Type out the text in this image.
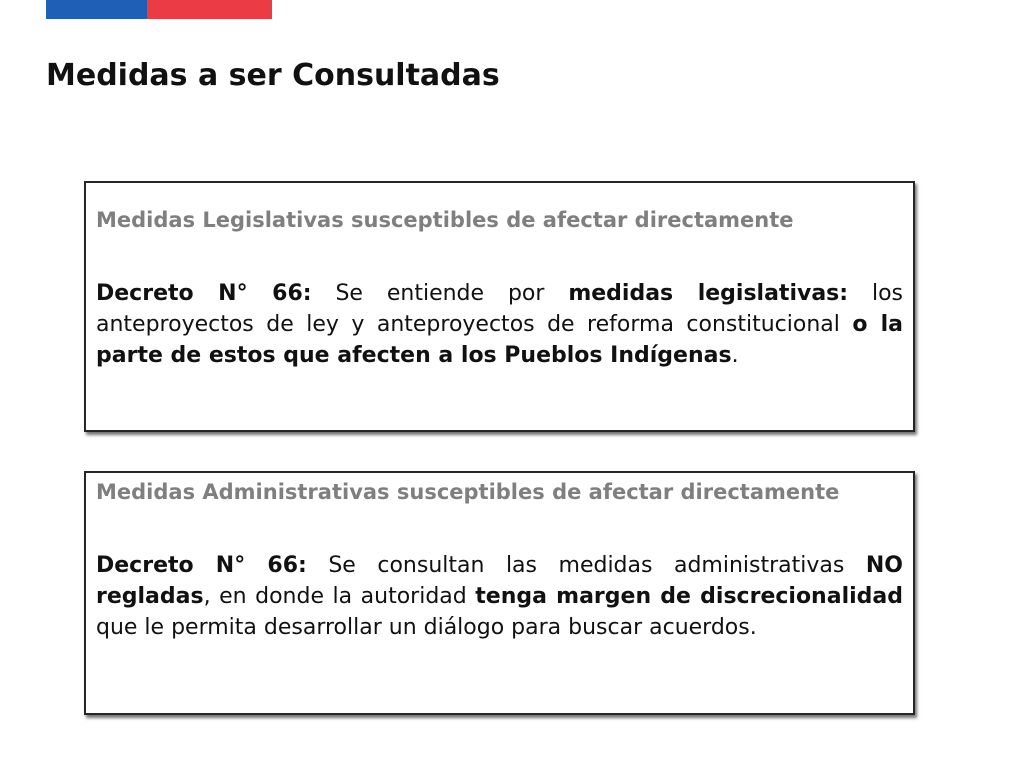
Medidas a ser Consultadas

Medidas Legislativas susceptibles de afectar directamente

Decreto N° 66: Se entiende por medidas legislativas: los anteproyectos de ley y anteproyectos de reforma constitucional o la parte de estos que afecten a los Pueblos Indígenas.

Medidas Administrativas susceptibles de afectar directamente

Decreto N° 66: Se consultan las medidas administrativas NO regladas, en donde la autoridad tenga margen de discrecionalidad que le permita desarrollar un diálogo para buscar acuerdos.
